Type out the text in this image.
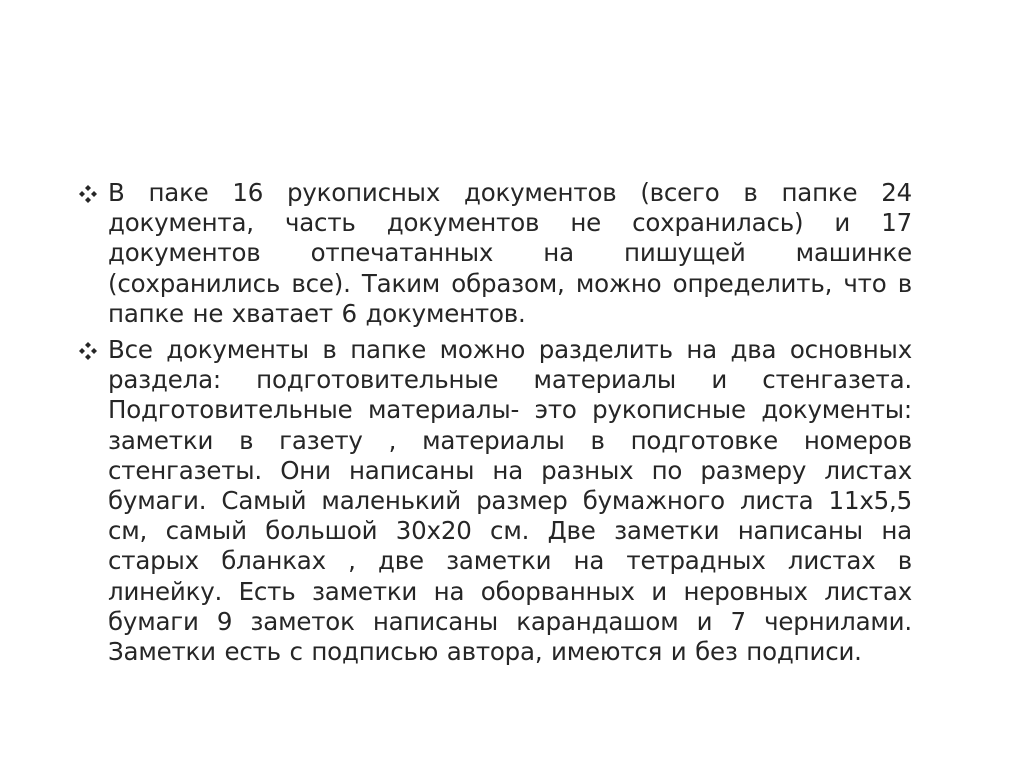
В паке 16 рукописных документов (всего в папке 24 документа, часть документов не сохранилась) и 17 документов отпечатанных на пишущей машинке (сохранились все). Таким образом, можно определить, что в папке не хватает 6 документов.
Все документы в папке можно разделить на два основных раздела: подготовительные материалы и стенгазета. Подготовительные материалы- это рукописные документы: заметки в газету , материалы в подготовке номеров стенгазеты. Они написаны на разных по размеру листах бумаги. Самый маленький размер бумажного листа 11х5,5 см, самый большой 30х20 см. Две заметки написаны на старых бланках , две заметки на тетрадных листах в линейку. Есть заметки на оборванных и неровных листах бумаги 9 заметок написаны карандашом и 7 чернилами. Заметки есть с подписью автора, имеются и без подписи.
